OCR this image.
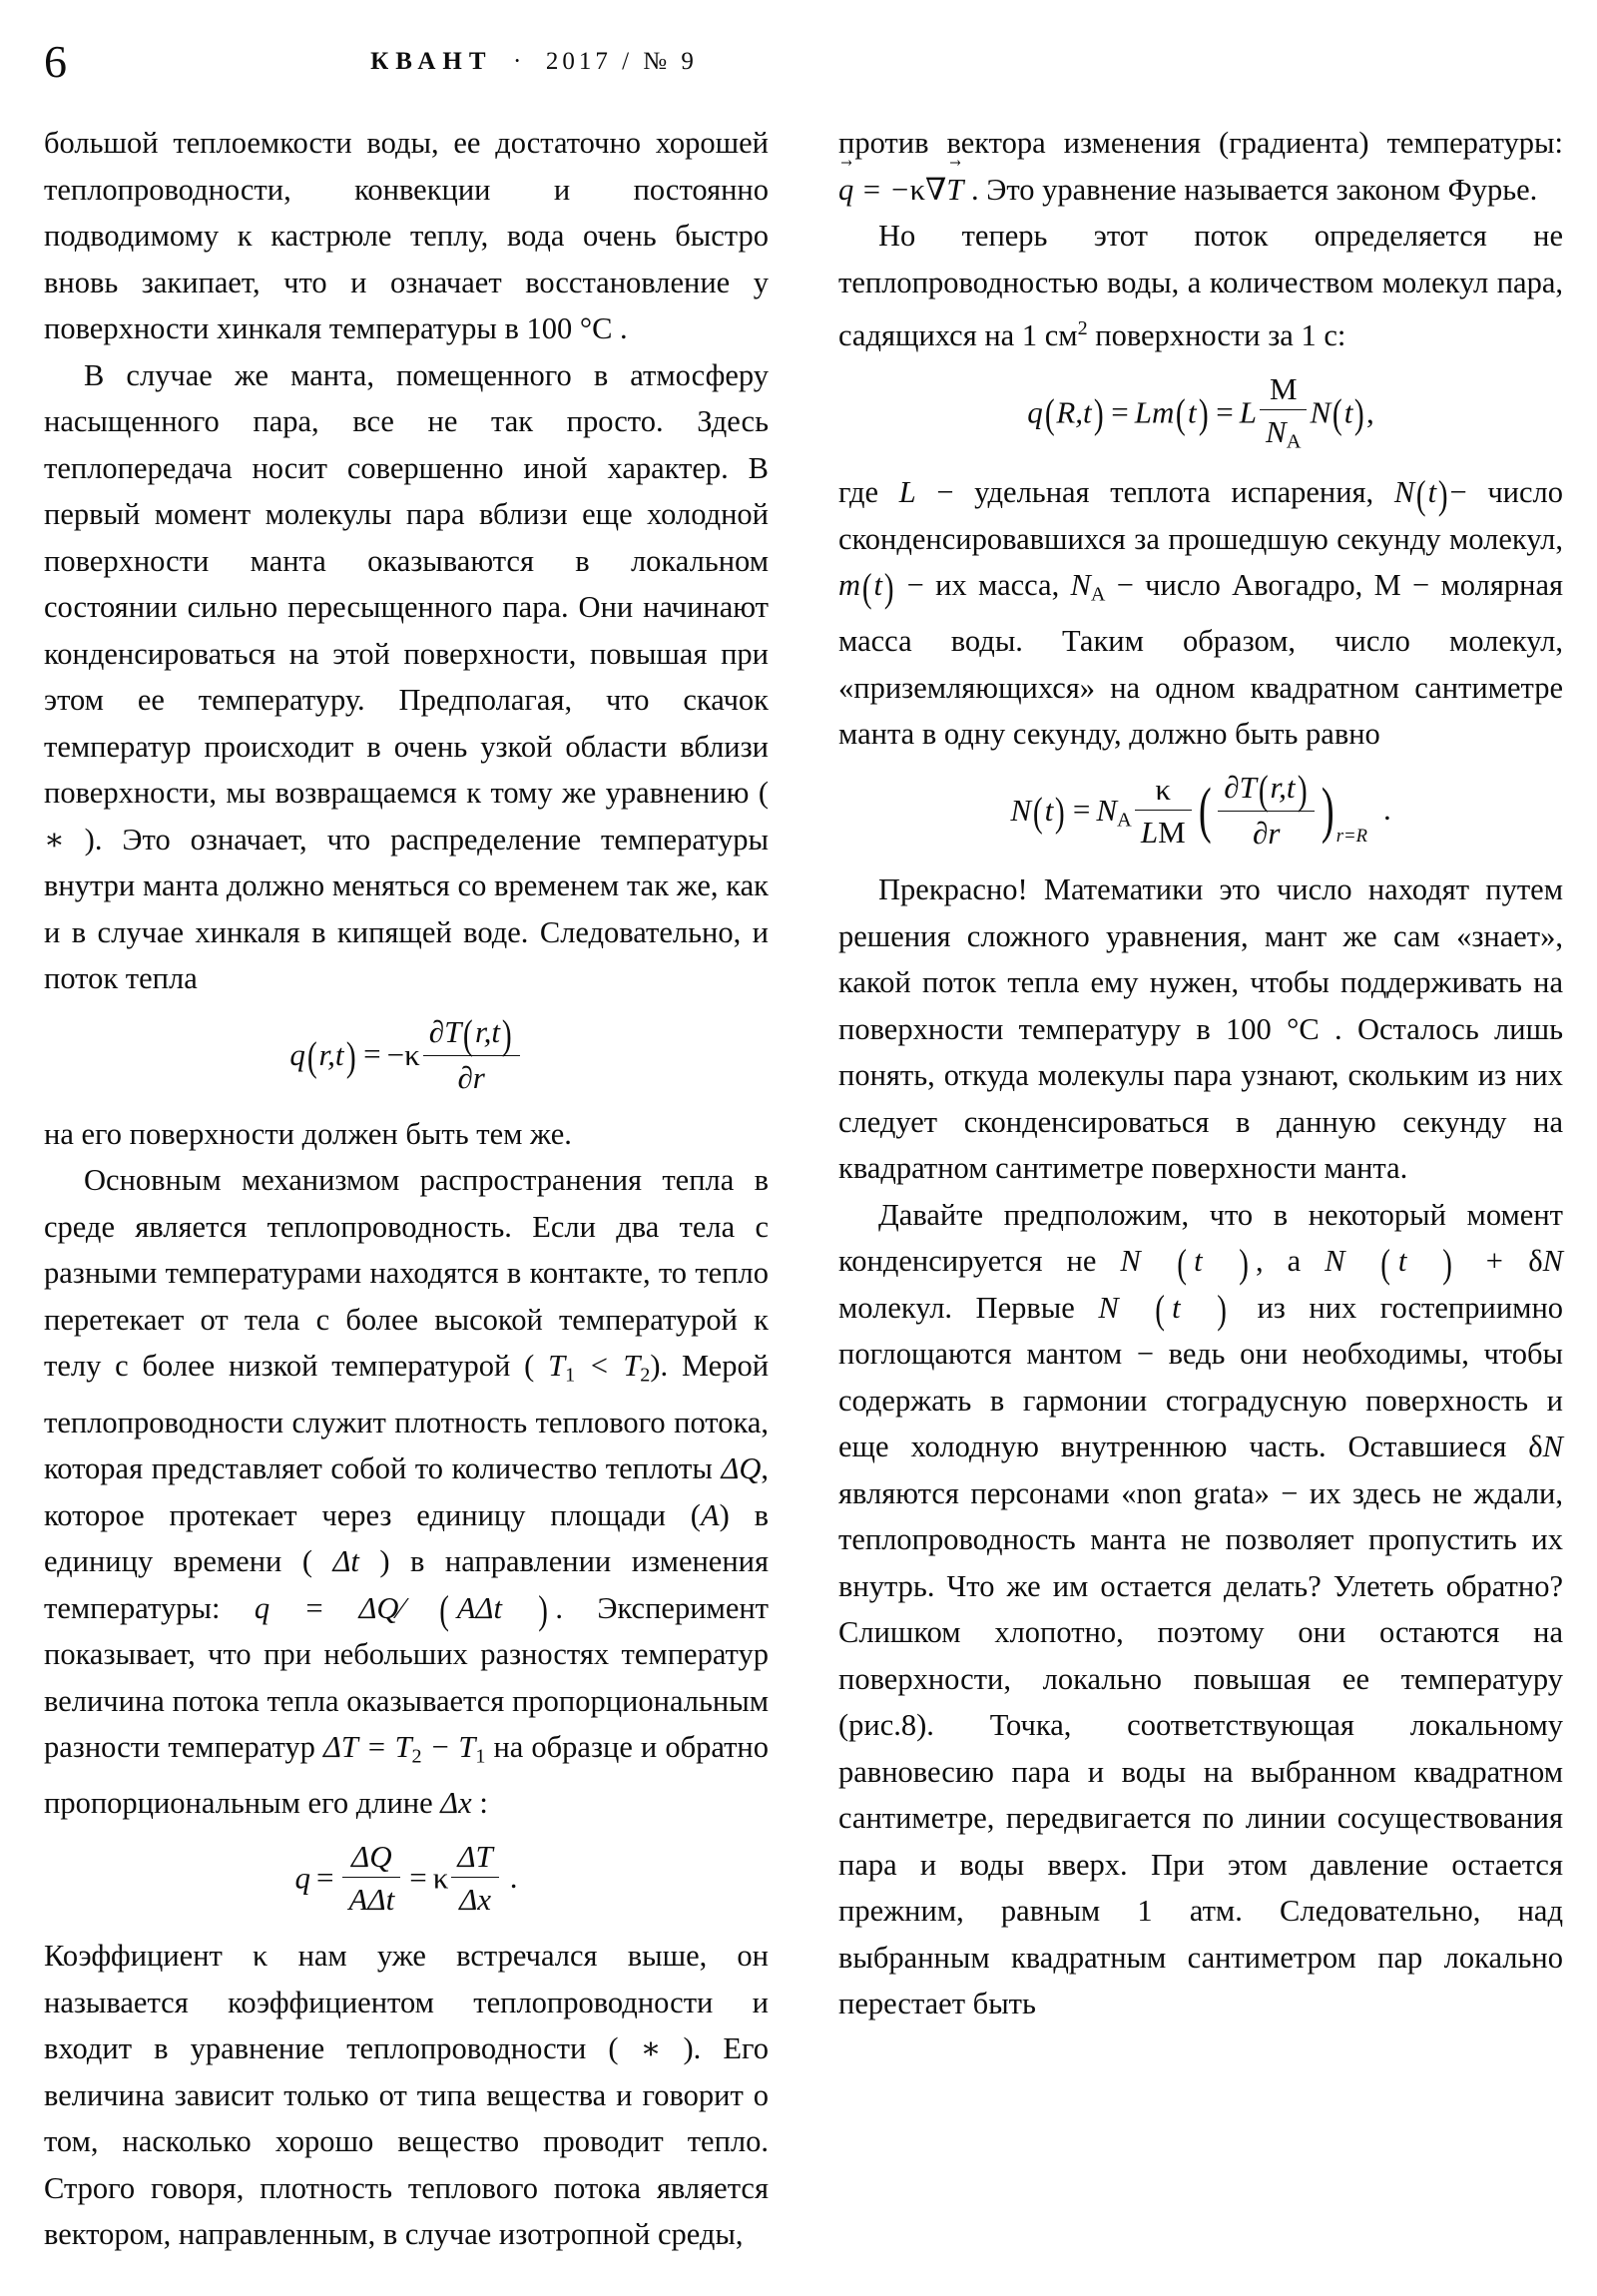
6	КВАНТ · 2017 / № 9

большой теплоемкости воды, ее достаточно хорошей теплопроводности, конвекции и постоянно подводимому к кастрюле теплу, вода очень быстро вновь закипает, что и означает восстановление у поверхности хинкаля температуры в 100 °C .

В случае же манта, помещенного в атмосферу насыщенного пара, все не так просто. Здесь теплопередача носит совершенно иной характер. В первый момент молекулы пара вблизи еще холодной поверхности манта оказываются в локальном состоянии сильно пересыщенного пара. Они начинают конденсироваться на этой поверхности, повышая при этом ее температуру. Предполагая, что скачок температур происходит в очень узкой области вблизи поверхности, мы возвращаемся к тому же уравнению ( ∗ ). Это означает, что распределение температуры внутри манта должно меняться со временем так же, как и в случае хинкаля в кипящей воде. Следовательно, и поток тепла

$q(r,t) = -\kappa \frac{\partial T(r,t)}{\partial r}$

на его поверхности должен быть тем же.

Основным механизмом распространения тепла в среде является теплопроводность. Если два тела с разными температурами находятся в контакте, то тепло перетекает от тела с более высокой температурой к телу с более низкой температурой ( $T_1 < T_2$). Мерой теплопроводности служит плотность теплового потока, которая представляет собой то количество теплоты ΔQ, которое протекает через единицу площади (A) в единицу времени ( Δt ) в направлении изменения температуры: q = ΔQ∕ ( AΔt ) . Эксперимент показывает, что при небольших разностях температур величина потока тепла оказывается пропорциональным разности температур $\Delta T = T_2 - T_1$ на образце и обратно пропорциональным его длине Δx :

$q = \frac{\Delta Q}{\text{AΔt}} = \kappa \frac{\Delta T}{\Delta x}$ .

Коэффициент κ нам уже встречался выше, он называется коэффициентом теплопроводности и входит в уравнение теплопроводности ( ∗ ). Его величина зависит только от типа вещества и говорит о том, насколько хорошо вещество проводит тепло. Строго говоря, плотность теплового потока является вектором, направленным, в случае изотропной среды,

против вектора изменения (градиента) температуры: q → = −κ∇T → . Это уравнение называется законом Фурье.

Но теперь этот поток определяется не теплопроводностью воды, а количеством молекул пара, садящихся на 1 $см^2$ поверхности за 1 с:

q(R,t) = Lm(t) = L $\frac{M}{N_A} N(t)$,

где L − удельная теплота испарения, N(t)− число сконденсировавшихся за прошедшую секунду молекул, m(t) − их масса, $N_A$ − число Авогадро, M − молярная масса воды. Таким образом, число молекул, «приземляющихся» на одном квадратном сантиметре манта в одну секунду, должно быть равно

$N(t) = N_A \frac{\kappa}{LM}$ ( $\frac{\partial T(r,t)}{\partial r}$ ) r=R.

Прекрасно! Математики это число находят путем решения сложного уравнения, мант же сам «знает», какой поток тепла ему нужен, чтобы поддерживать на поверхности температуру в 100 °C . Осталось лишь понять, откуда молекулы пара узнают, скольким из них следует сконденсироваться в данную секунду на квадратном сантиметре поверхности манта.

Давайте предположим, что в некоторый момент конденсируется не N ( t ) , а N ( t ) + δN молекул. Первые N ( t ) из них гостеприимно поглощаются мантом − ведь они необходимы, чтобы содержать в гармонии стоградусную поверхность и еще холодную внутреннюю часть. Оставшиеся δN являются персонами «non grata» − их здесь не ждали, теплопроводность манта не позволяет пропустить их внутрь. Что же им остается делать? Улететь обратно? Слишком хлопотно, поэтому они остаются на поверхности, локально повышая ее температуру (рис.8). Точка, соответствующая локальному равновесию пара и воды на выбранном квадратном сантиметре, передвигается по линии сосуществования пара и воды вверх. При этом давление остается прежним, равным 1 атм. Следовательно, над выбранным квадратным сантиметром пар локально перестает быть
